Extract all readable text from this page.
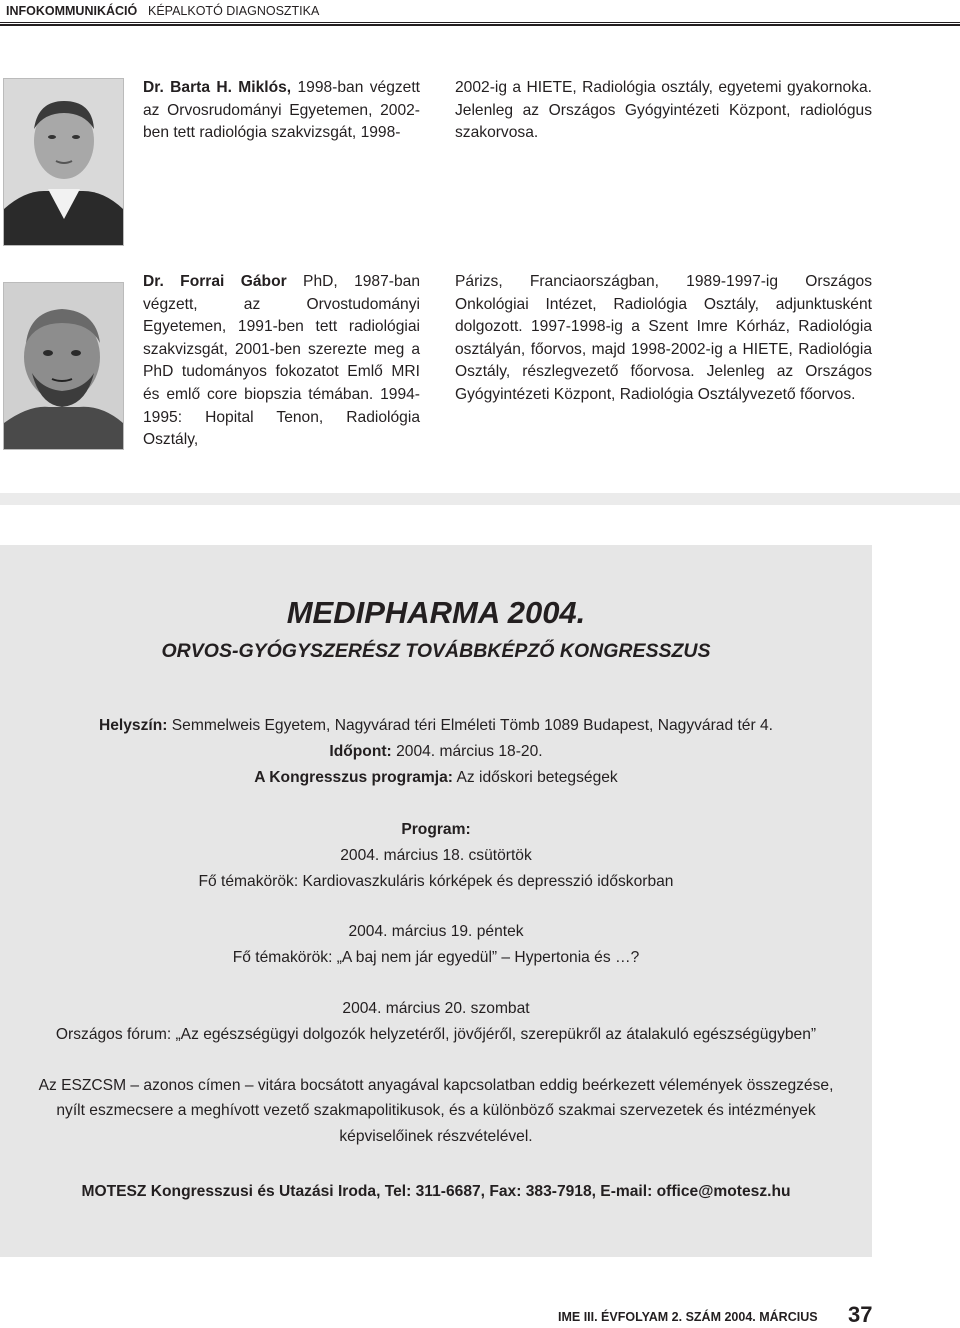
INFOKOMMUNIKÁCIÓ KÉPALKOTÓ DIAGNOSZTIKA

Dr. Barta H. Miklós, 1998-ban végzett az Orvosrudományi Egyetemen, 2002-ben tett radiológia szakvizsgát, 1998-

2002-ig a HIETE, Radiológia osztály, egyetemi gyakornoka. Jelenleg az Országos Gyógyintézeti Központ, radiológus szakorvosa.

Dr. Forrai Gábor PhD, 1987-ban végzett, az Orvostudományi Egyetemen, 1991-ben tett radiológiai szakvizsgát, 2001-ben szerezte meg a PhD tudományos fokozatot Emlő MRI és emlő core biopszia témában. 1994-1995: Hopital Tenon, Radiológia Osztály,

Párizs, Franciaországban, 1989-1997-ig Országos Onkológiai Intézet, Radiológia Osztály, adjunktusként dolgozott. 1997-1998-ig a Szent Imre Kórház, Radiológia osztályán, főorvos, majd 1998-2002-ig a HIETE, Radiológia Osztály, részlegvezető főorvosa. Jelenleg az Országos Gyógyintézeti Központ, Radiológia Osztályvezető főorvos.

MEDIPHARMA 2004.
ORVOS-GYÓGYSZERÉSZ TOVÁBBKÉPZŐ KONGRESSZUS
Helyszín: Semmelweis Egyetem, Nagyvárad téri Elméleti Tömb 1089 Budapest, Nagyvárad tér 4.
Időpont: 2004. március 18-20.
A Kongresszus programja: Az időskori betegségek
Program:
2004. március 18. csütörtök
Fő témakörök: Kardiovaszkuláris kórképek és depresszió időskorban
2004. március 19. péntek
Fő témakörök: „A baj nem jár egyedül” – Hypertonia és …?
2004. március 20. szombat
Országos fórum: „Az egészségügyi dolgozók helyzetéről, jövőjéről, szerepükről az átalakuló egészségügyben”
Az ESZCSM – azonos címen – vitára bocsátott anyagával kapcsolatban eddig beérkezett vélemények összegzése,
nyílt eszmecsere a meghívott vezető szakmapolitikusok, és a különböző szakmai szervezetek és intézmények
képviselőinek részvételével.
MOTESZ Kongresszusi és Utazási Iroda, Tel: 311-6687, Fax: 383-7918, E-mail: office@motesz.hu
IME III. ÉVFOLYAM 2. SZÁM 2004. MÁRCIUS 37
